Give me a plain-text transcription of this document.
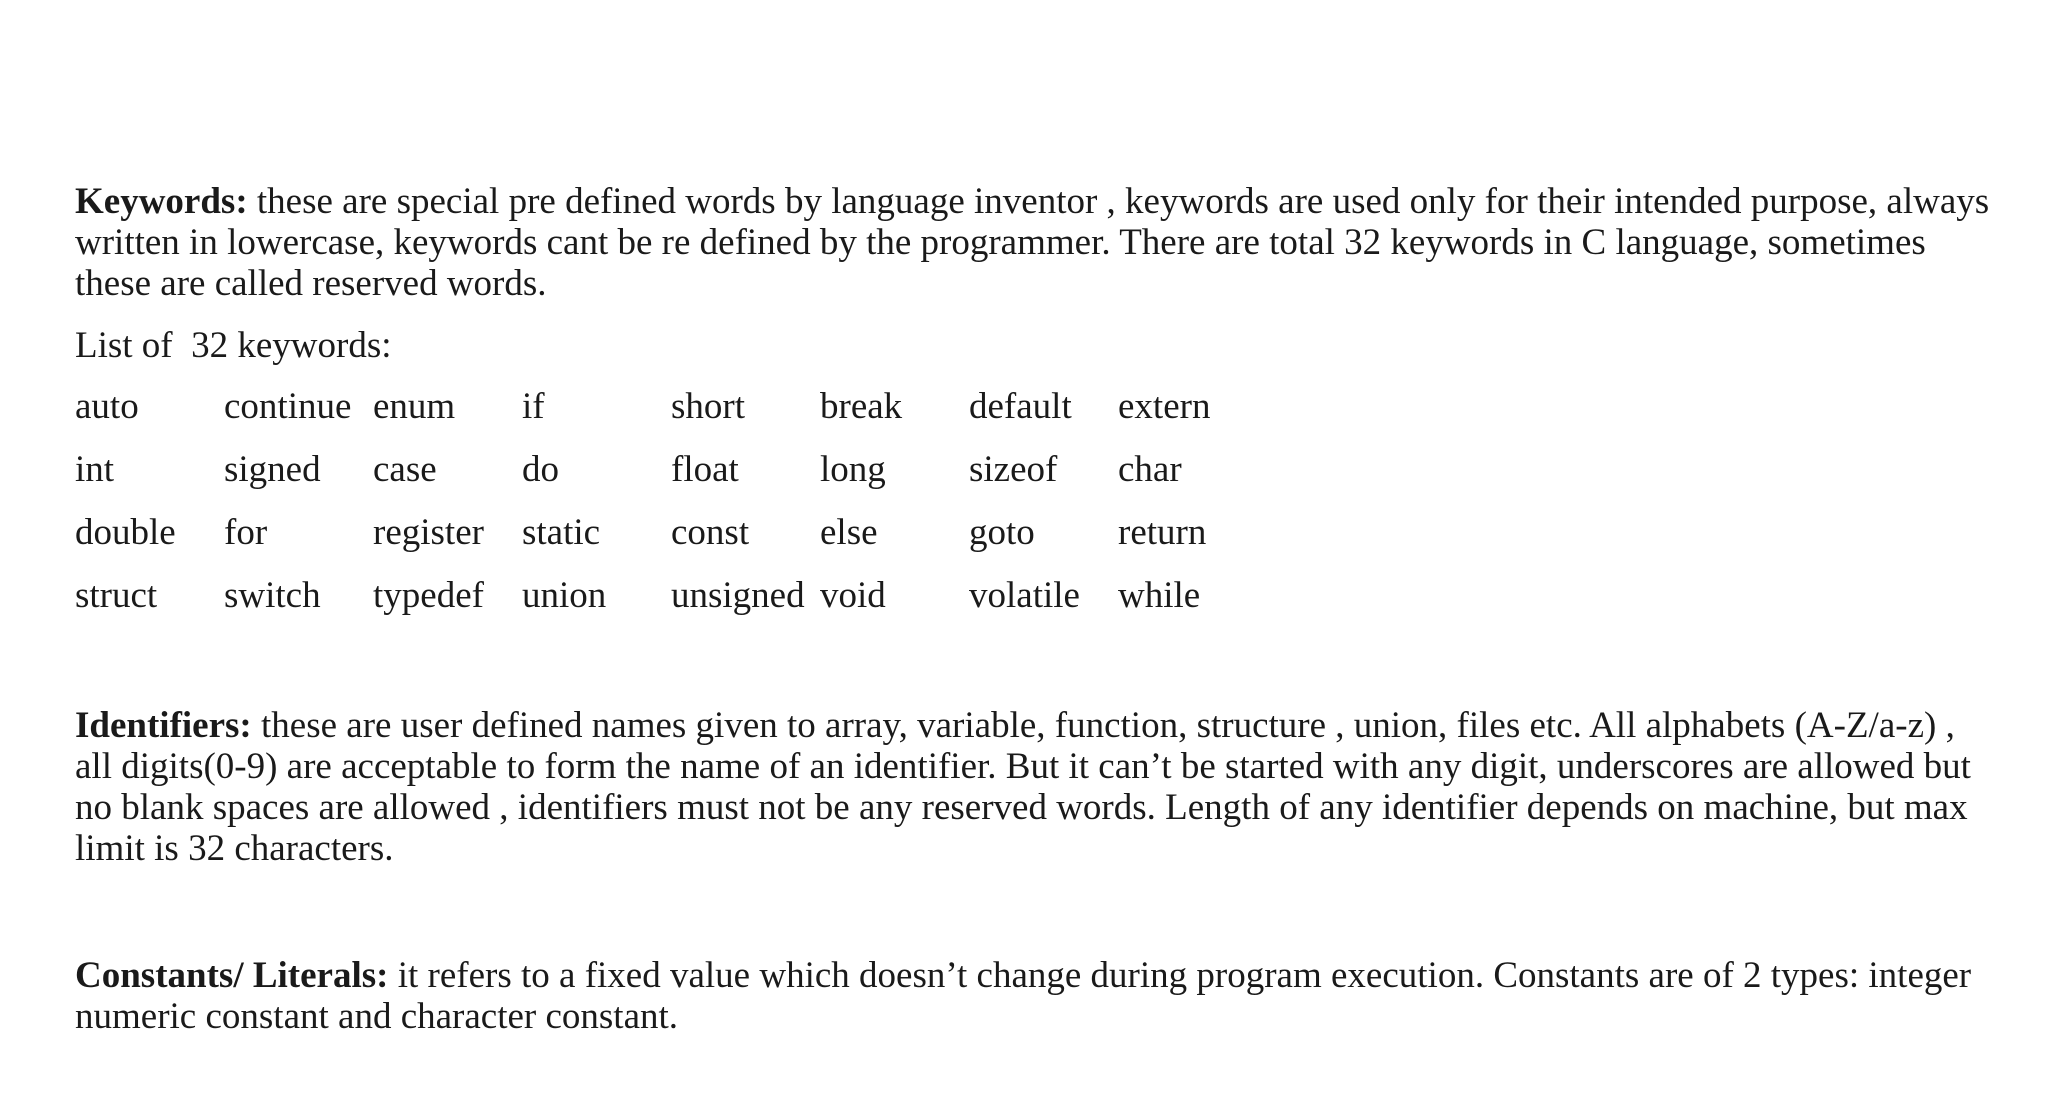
Keywords: these are special pre defined words by language inventor , keywords are used only for their intended purpose, always written in lowercase, keywords cant be re defined by the programmer. There are total 32 keywords in C language, sometimes these are called reserved words.

List of  32 keywords:
auto	continue	enum	if	short	break	default	extern
int	signed	case	do	float	long	sizeof	char
double	for	register	static	const	else	goto	return
struct	switch	typedef	union	unsigned	void	volatile	while

Identifiers: these are user defined names given to array, variable, function, structure , union, files etc. All alphabets (A-Z/a-z) , all digits(0-9) are acceptable to form the name of an identifier. But it can’t be started with any digit, underscores are allowed but no blank spaces are allowed , identifiers must not be any reserved words. Length of any identifier depends on machine, but max limit is 32 characters.

Constants/ Literals: it refers to a fixed value which doesn’t change during program execution. Constants are of 2 types: integer numeric constant and character constant.
